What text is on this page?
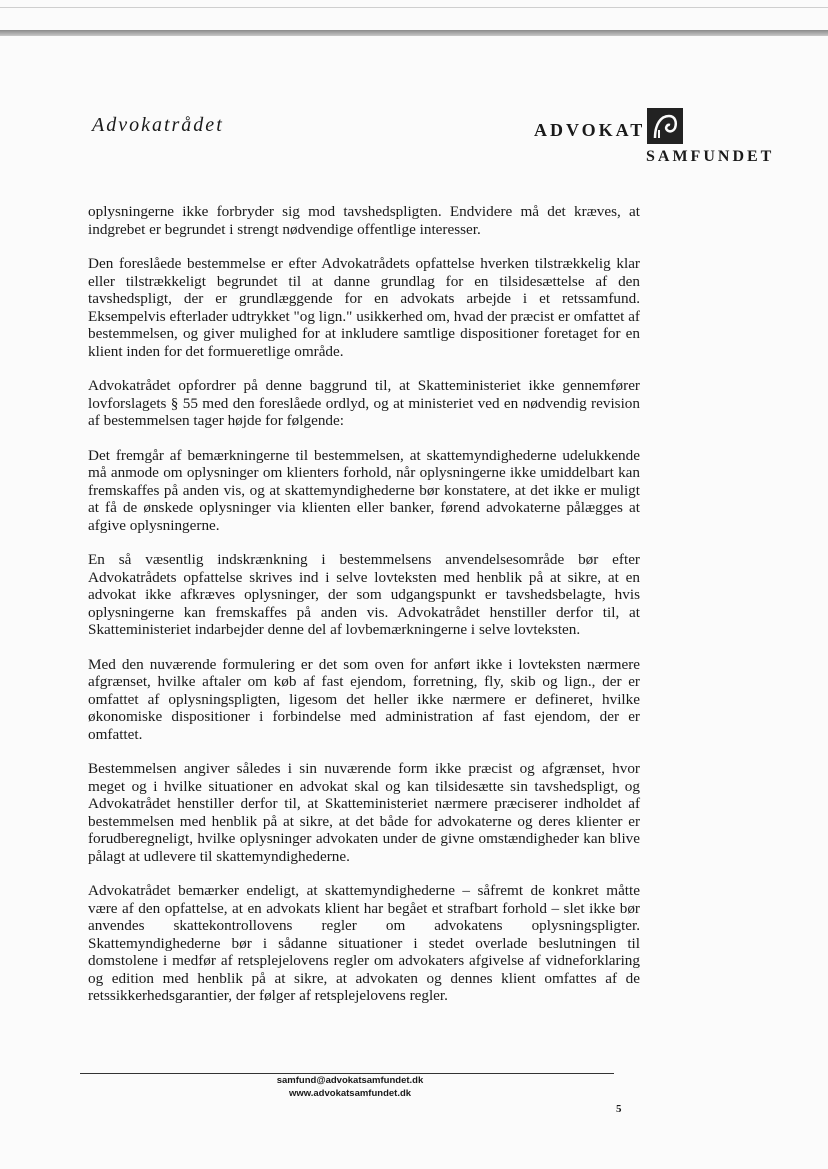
Advokatrådet	ADVOKAT
SAMFUNDET

oplysningerne ikke forbryder sig mod tavshedspligten. Endvidere må det kræves, at indgrebet er begrundet i strengt nødvendige offentlige interesser.

Den foreslåede bestemmelse er efter Advokatrådets opfattelse hverken tilstrækkelig klar eller tilstrækkeligt begrundet til at danne grundlag for en tilsidesættelse af den tavshedspligt, der er grundlæggende for en advokats arbejde i et retssamfund. Eksempelvis efterlader udtrykket "og lign." usikkerhed om, hvad der præcist er omfattet af bestemmelsen, og giver mulighed for at inkludere samtlige dispositioner foretaget for en klient inden for det formueretlige område.

Advokatrådet opfordrer på denne baggrund til, at Skatteministeriet ikke gennemfører lovforslagets § 55 med den foreslåede ordlyd, og at ministeriet ved en nødvendig revision af bestemmelsen tager højde for følgende:

Det fremgår af bemærkningerne til bestemmelsen, at skattemyndighederne udelukkende må anmode om oplysninger om klienters forhold, når oplysningerne ikke umiddelbart kan fremskaffes på anden vis, og at skattemyndighederne bør konstatere, at det ikke er muligt at få de ønskede oplysninger via klienten eller banker, førend advokaterne pålægges at afgive oplysningerne.

En så væsentlig indskrænkning i bestemmelsens anvendelsesområde bør efter Advokatrådets opfattelse skrives ind i selve lovteksten med henblik på at sikre, at en advokat ikke afkræves oplysninger, der som udgangspunkt er tavshedsbelagte, hvis oplysningerne kan fremskaffes på anden vis. Advokatrådet henstiller derfor til, at Skatteministeriet indarbejder denne del af lovbemærkningerne i selve lovteksten.

Med den nuværende formulering er det som oven for anført ikke i lovteksten nærmere afgrænset, hvilke aftaler om køb af fast ejendom, forretning, fly, skib og lign., der er omfattet af oplysningspligten, ligesom det heller ikke nærmere er defineret, hvilke økonomiske dispositioner i forbindelse med administration af fast ejendom, der er omfattet.

Bestemmelsen angiver således i sin nuværende form ikke præcist og afgrænset, hvor meget og i hvilke situationer en advokat skal og kan tilsidesætte sin tavshedspligt, og Advokatrådet henstiller derfor til, at Skatteministeriet nærmere præciserer indholdet af bestemmelsen med henblik på at sikre, at det både for advokaterne og deres klienter er forudberegneligt, hvilke oplysninger advokaten under de givne omstændigheder kan blive pålagt at udlevere til skattemyndighederne.

Advokatrådet bemærker endeligt, at skattemyndighederne – såfremt de konkret måtte være af den opfattelse, at en advokats klient har begået et strafbart forhold – slet ikke bør anvendes skattekontrollovens regler om advokatens oplysningspligter. Skattemyndighederne bør i sådanne situationer i stedet overlade beslutningen til domstolene i medfør af retsplejelovens regler om advokaters afgivelse af vidneforklaring og edition med henblik på at sikre, at advokaten og dennes klient omfattes af de retssikkerhedsgarantier, der følger af retsplejelovens regler.

samfund@advokatsamfundet.dk
www.advokatsamfundet.dk
5
